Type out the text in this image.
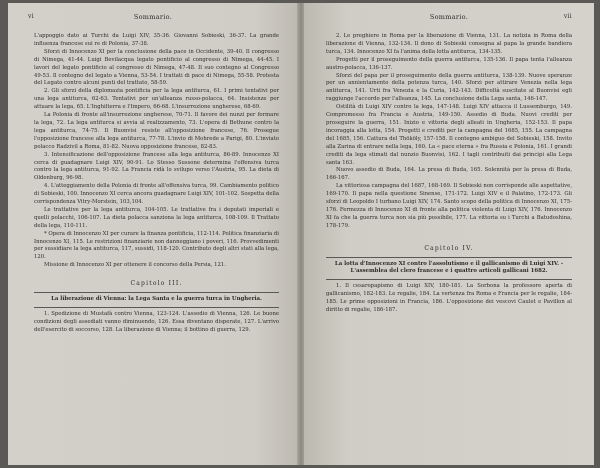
vi	Sommario.

L'appoggio dato ai Turchi da Luigi XIV, 35-36. Giovanni Sobieski, 36-37. La grande influenza francese sui re di Polonia, 37-38.

Sforzi di Innocenzo XI per la conclusione della pace in Occidente, 39-40. Il congresso di Nimega, 41-44. Luigi Bevilacqua legato pontificio al congresso di Nimega, 44-45. I lavori del legato pontificio al congresso di Nimega, 47-48. Il suo contegno al Congresso 49-53. Il contegno del legato a Vienna, 53-54. I trattati di pace di Nimega, 55-58. Protesta del Legato contro alcuni punti del trattato, 58-59.

2. Gli sforzi della diplomazia pontificia per la lega antiturca, 61. I primi tentativi per una lega antiturca, 62-63. Tentativi per un'alleanza russo-polacca, 64. Insistenze per attuare la lega, 65. L'Inghilterra e l'Impero, 66-68. L'insurrezione ungherese, 68-69.

La Polonia di fronte all'insurrezione ungherese, 70-71. Il favore dei nunzi per formare la lega, 72. La lega antiturca si avvia al realizzamento, 73. L'opera di Bethune contro la lega antiturca, 74-75. Il Buonvisi resiste all'opposizione francese, 76. Prosegue l'opposizione francese alla lega antiturca, 77-78. L'invio di Mohrede a Parigi, 80. L'inviato polacco Radzivil a Roma, 81-82. Nuova opposizione francese, 82-83.

3. Intensificazione dell'opposizione francese alla lega antiturca, 86-89. Innocenzo XI cerca di guadagnare Luigi XIV, 90-91. Lo Stesso Sussone determina l'offensiva turca contro la lega antiturca, 91-92. La Francia ridà lo svilupo verso l'Austria, 95. La dieta di Oldenburg, 96-98.

4. L'atteggiamento della Polonia di fronte all'offensiva turca, 99. Cambiamento politico di Sobieski, 100. Innocenzo XI cerca ancora guadagnare Luigi XIV, 101-102. Sospetta della corrispondenza Vitry-Morstein, 103,104.

Le trattative per la lega antiturca, 104-105. Le trattative fra i deputati imperiali e quelli polacchi, 106-107. La dieta polacca sanziona la lega antiturca, 108-109. Il Trattato della lega, 110-111.

* Opera di Innocenzo XI per curare la finanza pontificia, 112-114. Politica finanziaria di Innocenzo XI, 115. Le restrizioni finanziarie non danneggiano i poveri, 116. Provvedimenti per sussidiare la lega antiturca, 117, sussidi, 118-120. Contributo degli altri stati alla lega, 120.

Missione di Innocenzo XI per ottenere il concorso della Persia, 121.

Capitolo III.
La liberazione di Vienna: la Lega Santa e la guerra turca in Ungheria.

1. Spedizione di Mustafà contro Vienna, 123-124. L'assedio di Vienna, 126. Le buone condizioni degli assediati vanno diminuendo, 126. Essa diventano disperate, 127. L'arrivo dell'esercito di soccorso, 128. La liberazione di Vienna; il bottino di guerra, 129.

Sommario.	vii

2. Le preghiere in Roma per la liberazione di Vienna, 131. La notizia in Roma della liberazione di Vienna, 132-134. Il dono di Sobieski consegna al papa la grande bandiera turca, 134. Innocenzo XI fa l'anima della lotta antiturca, 134-135.

Progetti per il proseguimento della guerra antiturca, 135-136. Il papa tenta l'alleanza austro-polacca, 136-137.

Sforzi del papa per il proseguimento della guerra antiturca, 138-139. Nuove speranze per un annientamento della potenza turca, 140. Sforzi per attirare Venezia nella lega antiturca, 141. Urti fra Venezia e la Curia, 142-143. Difficoltà suscitate al Buonvisi egli raggiunge l'accordo per l'alleanza, 145. La conclusione della Lega santa, 146-147.

Ostilità di Luigi XIV contro la lega, 147-148. Luigi XIV attacca il Lussemburgo, 149. Compromesso fra Francia e Austria, 149-150. Assedio di Buda. Nuovi crediti per proseguire la guerra, 151. Inizio e vittoria degli alleati in Ungheria, 152-153. Il papa incoraggia alla lotta, 154. Progetti e crediti per la campagna del 1685, 155. La campagna del 1685, 156. Cattura del Thököly, 157-158. Il contegno ambiguo del Sobieski, 158. Invito alla Zarina di entrare nella lega, 160. La « pace eterna » fra Russia e Polonia, 161. I grandi crediti da lega stimati dal nunzio Buonvisi, 162. I tagli contribuiti dai principi alla Lega santa 163.

Nuovo assedio di Buda, 164. La presa di Buda, 165. Solennità per la presa di Buda, 166-167.

La vittoriosa campagna del 1687, 168-169. Il Sobieski non corrisponde alle aspettative, 169-170. Il papa nella questione Sinense, 171-172. Luigi XIV e il Palatino, 172-173. Gli sforzi di Leopoldo I turbano Luigi XIV, 174. Santo scopo della politica di Innocenzo XI, 175-176. Fermezza di Innocenzo XI di fronte alla politica violenta di Luigi XIV, 176. Innocenzo XI fa che la guerra turca non sia più possibile, 177. La vittoria su i Turchi a Batudoshina, 178-179.

Capitolo IV.
La lotta d'Innocenzo XI contro l'assolutismo e il gallicanismo di Luigi XIV. - L'assemblea del clero francese e i quattro articoli gallicani 1682.

1. Il cesaropapismo di Luigi XIV, 180-181. La Sorbona la professore aperta di gallicanismo, 182-183. Le regalie, 184. La vertenza fra Roma e Francia per le regalie, 184-185. Le prime opposizioni in Francia, 186. L'opposizione dei vescovi Caulet e Pavillon al diritto di regalie, 186-187.
